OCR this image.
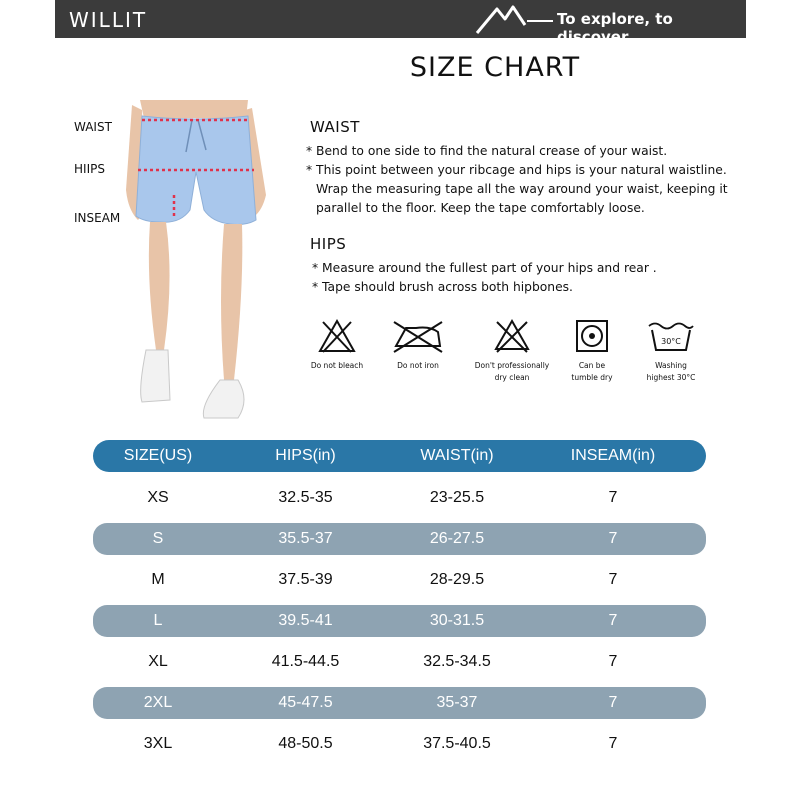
WILLIT	To explore, to discover
SIZE CHART
WAIST
HIIPS
INSEAM
WAIST
* Bend to one side to find the natural crease of your waist.
* This point between your ribcage and hips is your natural waistline.
Wrap the measuring tape all the way around your waist, keeping it
parallel to the floor. Keep the tape comfortably loose.
HIPS
* Measure around the fullest part of your hips and rear .
* Tape should brush across both hipbones.
Do not bleach	Do not iron	Don't professionally
dry clean
Can be
tumble dry
30°C
Washing
highest 30°C
SIZE(US)	HIPS(in)	WAIST(in)	INSEAM(in)
XS	32.5-35	23-25.5	7
S	35.5-37	26-27.5	7
M	37.5-39	28-29.5	7
L	39.5-41	30-31.5	7
XL	41.5-44.5	32.5-34.5	7
2XL	45-47.5	35-37	7
3XL	48-50.5	37.5-40.5	7
